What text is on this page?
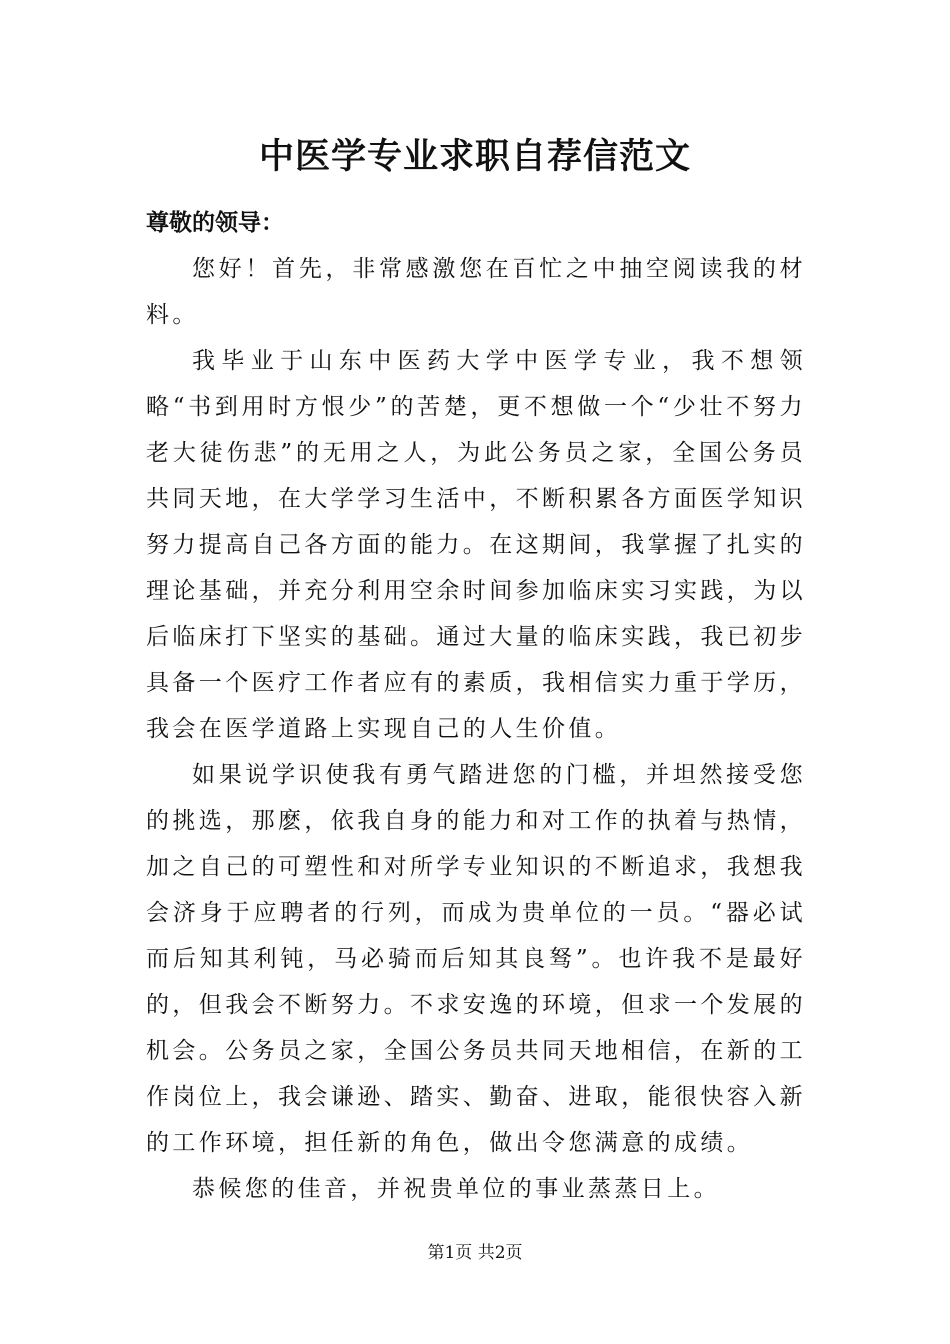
中医学专业求职自荐信范文
尊敬的领导：

您好！首先，非常感激您在百忙之中抽空阅读我的材料。

我毕业于山东中医药大学中医学专业，我不想领略“书到用时方恨少”的苦楚，更不想做一个“少壮不努力老大徒伤悲”的无用之人，为此公务员之家，全国公务员共同天地，在大学学习生活中，不断积累各方面医学知识努力提高自己各方面的能力。在这期间，我掌握了扎实的理论基础，并充分利用空余时间参加临床实习实践，为以后临床打下坚实的基础。通过大量的临床实践，我已初步具备一个医疗工作者应有的素质，我相信实力重于学历，我会在医学道路上实现自己的人生价值。

如果说学识使我有勇气踏进您的门槛，并坦然接受您的挑选，那麽，依我自身的能力和对工作的执着与热情，加之自己的可塑性和对所学专业知识的不断追求，我想我会济身于应聘者的行列，而成为贵单位的一员。“器必试而后知其利钝，马必骑而后知其良驽”。也许我不是最好的，但我会不断努力。不求安逸的环境，但求一个发展的机会。公务员之家，全国公务员共同天地相信，在新的工作岗位上，我会谦逊、踏实、勤奋、进取，能很快容入新的工作环境，担任新的角色，做出令您满意的成绩。

恭候您的佳音，并祝贵单位的事业蒸蒸日上。

第1页 共2页
